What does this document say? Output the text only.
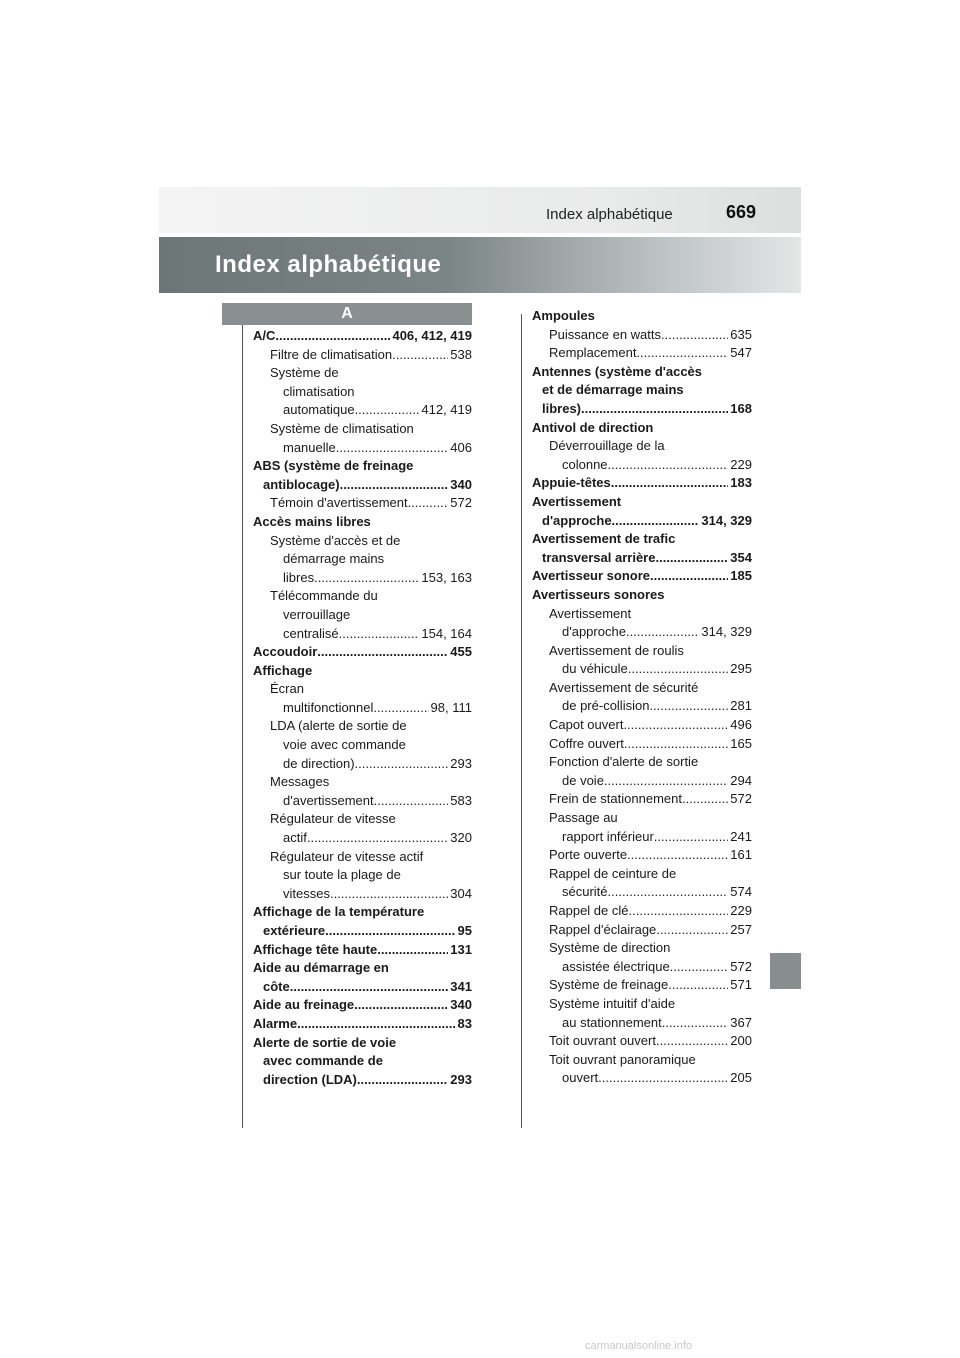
Index alphabétique	669
Index alphabétique
A
A/C .....	406, 412, 419
Filtre de climatisation .....	538
Système de
climatisation
automatique .....	412, 419
Système de climatisation
manuelle .....	406
ABS (système de freinage
antiblocage) .....	340
Témoin d'avertissement .....	572
Accès mains libres
Système d'accès et de
démarrage mains
libres .....	153, 163
Télécommande du
verrouillage
centralisé .....	154, 164
Accoudoir .....	455
Affichage
Écran
multifonctionnel .....	98, 111
LDA (alerte de sortie de
voie avec commande
de direction) .....	293
Messages
d'avertissement .....	583
Régulateur de vitesse
actif .....	320
Régulateur de vitesse actif
sur toute la plage de
vitesses .....	304
Affichage de la température
extérieure .....	95
Affichage tête haute .....	131
Aide au démarrage en
côte .....	341
Aide au freinage .....	340
Alarme .....	83
Alerte de sortie de voie
avec commande de
direction (LDA) .....	293
Ampoules
Puissance en watts .....	635
Remplacement .....	547
Antennes (système d'accès
et de démarrage mains
libres) .....	168
Antivol de direction
Déverrouillage de la
colonne .....	229
Appuie-têtes .....	183
Avertissement
d'approche .....	314, 329
Avertissement de trafic
transversal arrière .....	354
Avertisseur sonore .....	185
Avertisseurs sonores
Avertissement
d'approche .....	314, 329
Avertissement de roulis
du véhicule .....	295
Avertissement de sécurité
de pré-collision .....	281
Capot ouvert .....	496
Coffre ouvert .....	165
Fonction d'alerte de sortie
de voie .....	294
Frein de stationnement .....	572
Passage au
rapport inférieur .....	241
Porte ouverte .....	161
Rappel de ceinture de
sécurité .....	574
Rappel de clé .....	229
Rappel d'éclairage .....	257
Système de direction
assistée électrique .....	572
Système de freinage .....	571
Système intuitif d'aide
au stationnement .....	367
Toit ouvrant ouvert .....	200
Toit ouvrant panoramique
ouvert .....	205
carmanualsonline.info
